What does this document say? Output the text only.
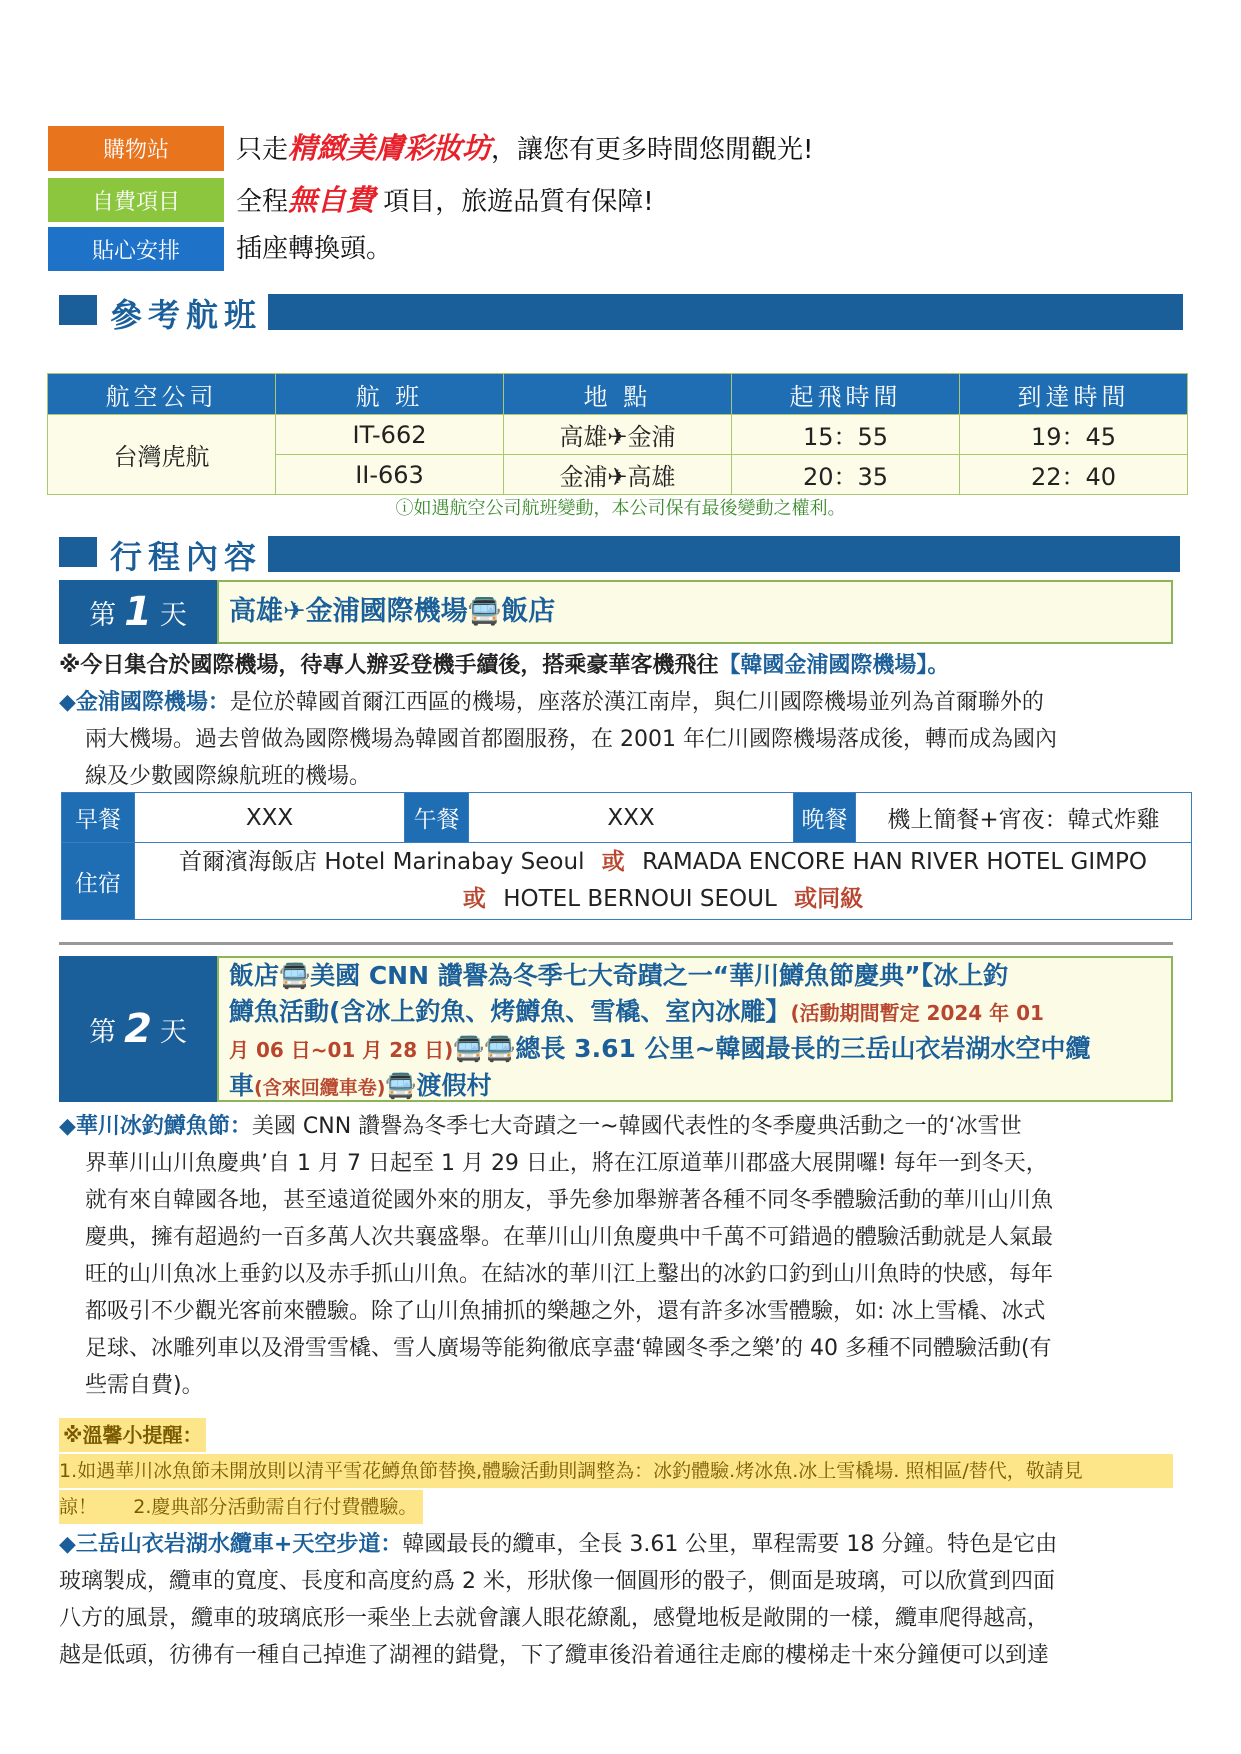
購物站	只走精緻美膚彩妝坊，讓您有更多時間悠閒觀光!
自費項目	全程無自費 項目，旅遊品質有保障!
貼心安排	插座轉換頭。
參考航班
航空公司	航 班	地 點	起飛時間	到達時間
台灣虎航	IT-662	高雄✈金浦	15：55	19：45
	II-663	金浦✈高雄	20：35	22：40
ⓘ如遇航空公司航班變動，本公司保有最後變動之權利。
行程內容
第 1 天	高雄✈金浦國際機場🚍飯店
※今日集合於國際機場，待專人辦妥登機手續後，搭乘豪華客機飛往【韓國金浦國際機場】。
◆金浦國際機場：是位於韓國首爾江西區的機場，座落於漢江南岸，與仁川國際機場並列為首爾聯外的
兩大機場。過去曾做為國際機場為韓國首都圈服務，在 2001 年仁川國際機場落成後，轉而成為國內
線及少數國際線航班的機場。
早餐	XXX	午餐	XXX	晚餐	機上簡餐+宵夜：韓式炸雞
住宿	首爾濱海飯店 Hotel Marinabay Seoul 或 RAMADA ENCORE HAN RIVER HOTEL GIMPO
或 HOTEL BERNOUI SEOUL 或同級				
第 2 天
飯店🚍美國 CNN 讚譽為冬季七大奇蹟之一“華川鱒魚節慶典”【冰上釣
鱒魚活動(含冰上釣魚、烤鱒魚、雪橇、室內冰雕】(活動期間暫定 2024 年 01
月 06 日~01 月 28 日)🚍🚍總長 3.61 公里~韓國最長的三岳山衣岩湖水空中纜
車(含來回纜車卷)🚍渡假村
◆華川冰釣鱒魚節：美國 CNN 讚譽為冬季七大奇蹟之一~韓國代表性的冬季慶典活動之一的‘冰雪世
界華川山川魚慶典’自 1 月 7 日起至 1 月 29 日止，將在江原道華川郡盛大展開囉! 每年一到冬天，
就有來自韓國各地，甚至遠道從國外來的朋友，爭先參加舉辦著各種不同冬季體驗活動的華川山川魚
慶典，擁有超過約一百多萬人次共襄盛舉。在華川山川魚慶典中千萬不可錯過的體驗活動就是人氣最
旺的山川魚冰上垂釣以及赤手抓山川魚。在結冰的華川江上鑿出的冰釣口釣到山川魚時的快感，每年
都吸引不少觀光客前來體驗。除了山川魚捕抓的樂趣之外，還有許多冰雪體驗，如: 冰上雪橇、冰式
足球、冰雕列車以及滑雪雪橇、雪人廣場等能夠徹底享盡‘韓國冬季之樂’的 40 多種不同體驗活動(有
些需自費)。
※溫馨小提醒：
1.如遇華川冰魚節未開放則以清平雪花鱒魚節替換,體驗活動則調整為：冰釣體驗.烤冰魚.冰上雪橇場. 照相區/替代，敬請見
諒！      2.慶典部分活動需自行付費體驗。
◆三岳山衣岩湖水纜車+天空步道：韓國最長的纜車，全長 3.61 公里，單程需要 18 分鐘。特色是它由
玻璃製成，纜車的寬度、長度和高度約爲 2 米，形狀像一個圓形的骰子，側面是玻璃，可以欣賞到四面
八方的風景，纜車的玻璃底形一乘坐上去就會讓人眼花繚亂，感覺地板是敞開的一樣，纜車爬得越高，
越是低頭，彷彿有一種自己掉進了湖裡的錯覺，下了纜車後沿着通往走廊的樓梯走十來分鐘便可以到達
